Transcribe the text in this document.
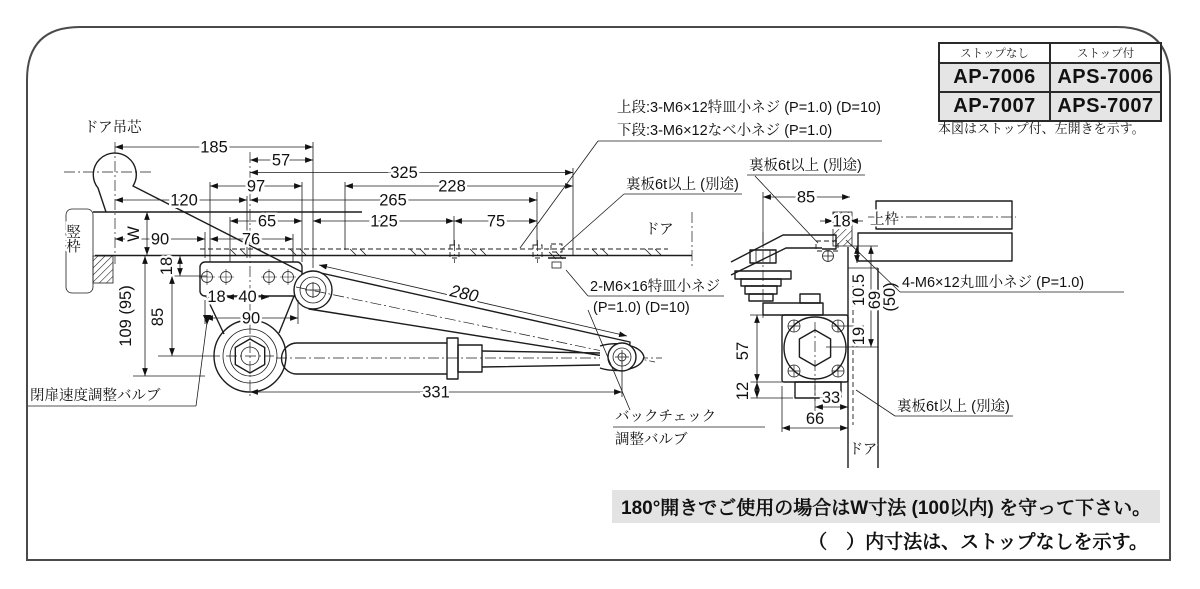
185
57
325
97	228
120	265
65	125	75
90	76
W
18
85
109 (95)	18 40
90
280
331
ドア吊芯
竪枠	ドア
上段:3-M6×12特皿小ネジ (P=1.0) (D=10)
下段:3-M6×12なべ小ネジ (P=1.0)
裏板6t以上 (別途)
2-M6×16特皿小ネジ
(P=1.0) (D=10)
閉扉速度調整バルブ
バックチェック
調整バルブ
85
18
10.5
69
(50)
19
57
12	33
66
上枠
ドア
裏板6t以上 (別途)
4-M6×12丸皿小ネジ (P=1.0)
裏板6t以上 (別途)
ストップなし	ストップ付
AP-7006	APS-7006
AP-7007	APS-7007
本図はストップ付、左開きを示す。
180°開きでご使用の場合はW寸法 (100以内) を守って下さい。
（　）内寸法は、ストップなしを示す。
